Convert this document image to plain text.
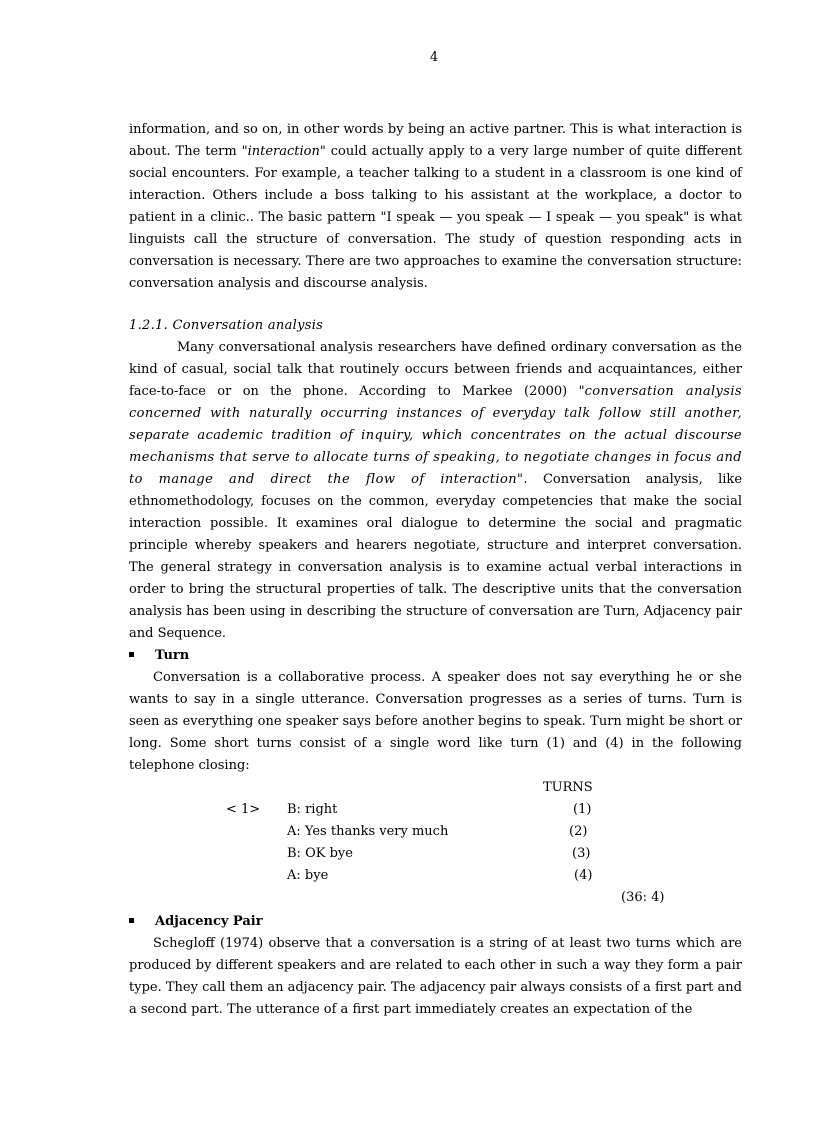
4

information, and so on, in other words by being an active partner. This is what interaction is about. The term "interaction" could actually apply to a very large number of quite different social encounters. For example, a teacher talking to a student in a classroom is one kind of interaction. Others include a boss talking to his assistant at the workplace, a doctor to patient in a clinic.. The basic pattern "I speak — you speak — I speak — you speak" is what linguists call the structure of conversation. The study of question responding acts in conversation is necessary. There are two approaches to examine the conversation structure: conversation analysis and discourse analysis.

1.2.1. Conversation analysis

Many conversational analysis researchers have defined ordinary conversation as the kind of casual, social talk that routinely occurs between friends and acquaintances, either face-to-face or on the phone. According to Markee (2000) "conversation analysis concerned with naturally occurring instances of everyday talk follow still another, separate academic tradition of inquiry, which concentrates on the actual discourse mechanisms that serve to allocate turns of speaking, to negotiate changes in focus and to manage and direct the flow of interaction". Conversation analysis, like ethnomethodology, focuses on the common, everyday competencies that make the social interaction possible. It examines oral dialogue to determine the social and pragmatic principle whereby speakers and hearers negotiate, structure and interpret conversation. The general strategy in conversation analysis is to examine actual verbal interactions in order to bring the structural properties of talk. The descriptive units that the conversation analysis has been using in describing the structure of conversation are Turn, Adjacency pair and Sequence.

Turn

Conversation is a collaborative process. A speaker does not say everything he or she wants to say in a single utterance. Conversation progresses as a series of turns. Turn is seen as everything one speaker says before another begins to speak. Turn might be short or long. Some short turns consist of a single word like turn (1) and (4) in the following telephone closing:

TURNS
< 1> B: right	(1)
A: Yes thanks very much	(2)
B: OK bye	(3)
A: bye	(4)
(36: 4)
Adjacency Pair

Schegloff (1974) observe that a conversation is a string of at least two turns which are produced by different speakers and are related to each other in such a way they form a pair type. They call them an adjacency pair. The adjacency pair always consists of a first part and a second part. The utterance of a first part immediately creates an expectation of the
